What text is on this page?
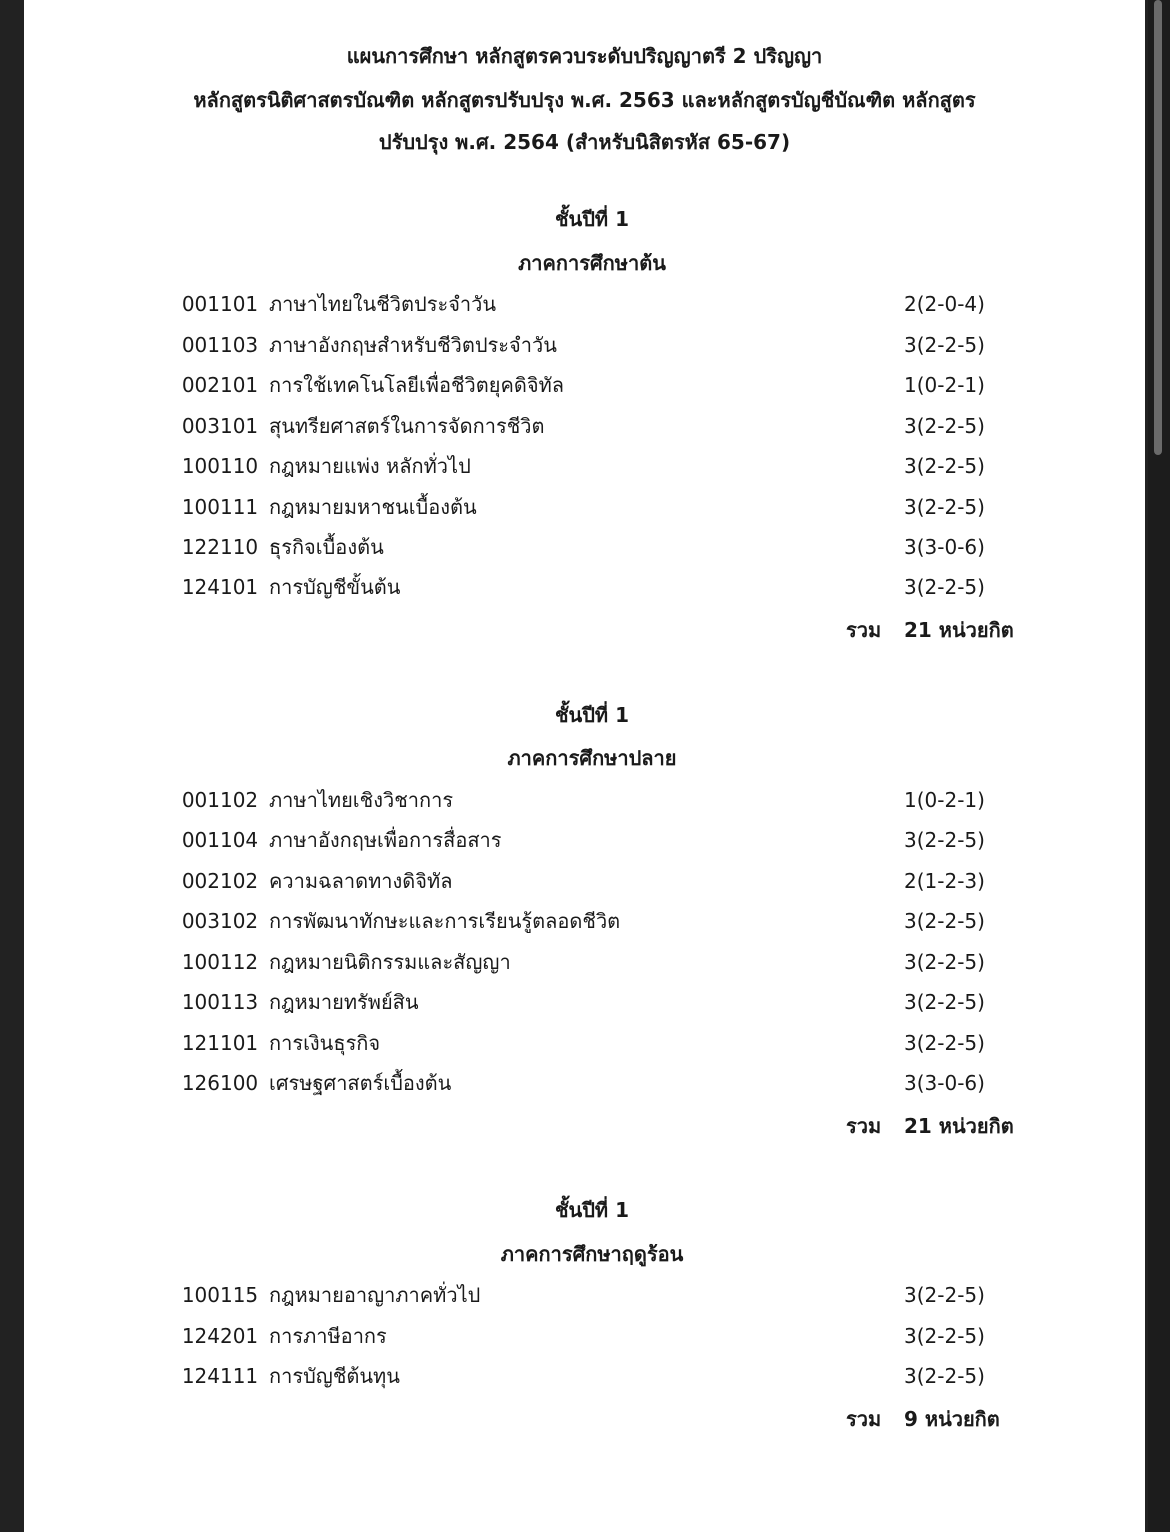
แผนการศึกษา หลักสูตรควบระดับปริญญาตรี 2 ปริญญา
หลักสูตรนิติศาสตรบัณฑิต หลักสูตรปรับปรุง พ.ศ. 2563 และหลักสูตรบัญชีบัณฑิต หลักสูตร
ปรับปรุง พ.ศ. 2564 (สำหรับนิสิตรหัส 65-67)
ชั้นปีที่ 1
ภาคการศึกษาต้น
001101 ภาษาไทยในชีวิตประจำวัน	2(2-0-4)
001103 ภาษาอังกฤษสำหรับชีวิตประจำวัน	3(2-2-5)
002101 การใช้เทคโนโลยีเพื่อชีวิตยุคดิจิทัล	1(0-2-1)
003101 สุนทรียศาสตร์ในการจัดการชีวิต	3(2-2-5)
100110 กฎหมายแพ่ง หลักทั่วไป	3(2-2-5)
100111 กฎหมายมหาชนเบื้องต้น	3(2-2-5)
122110 ธุรกิจเบื้องต้น	3(3-0-6)
124101 การบัญชีขั้นต้น	3(2-2-5)
รวม 21 หน่วยกิต
ชั้นปีที่ 1
ภาคการศึกษาปลาย
001102 ภาษาไทยเชิงวิชาการ	1(0-2-1)
001104 ภาษาอังกฤษเพื่อการสื่อสาร	3(2-2-5)
002102 ความฉลาดทางดิจิทัล	2(1-2-3)
003102 การพัฒนาทักษะและการเรียนรู้ตลอดชีวิต	3(2-2-5)
100112 กฎหมายนิติกรรมและสัญญา	3(2-2-5)
100113 กฎหมายทรัพย์สิน	3(2-2-5)
121101 การเงินธุรกิจ	3(2-2-5)
126100 เศรษฐศาสตร์เบื้องต้น	3(3-0-6)
รวม 21 หน่วยกิต
ชั้นปีที่ 1
ภาคการศึกษาฤดูร้อน
100115 กฎหมายอาญาภาคทั่วไป	3(2-2-5)
124201 การภาษีอากร	3(2-2-5)
124111 การบัญชีต้นทุน	3(2-2-5)
รวม 9 หน่วยกิต
